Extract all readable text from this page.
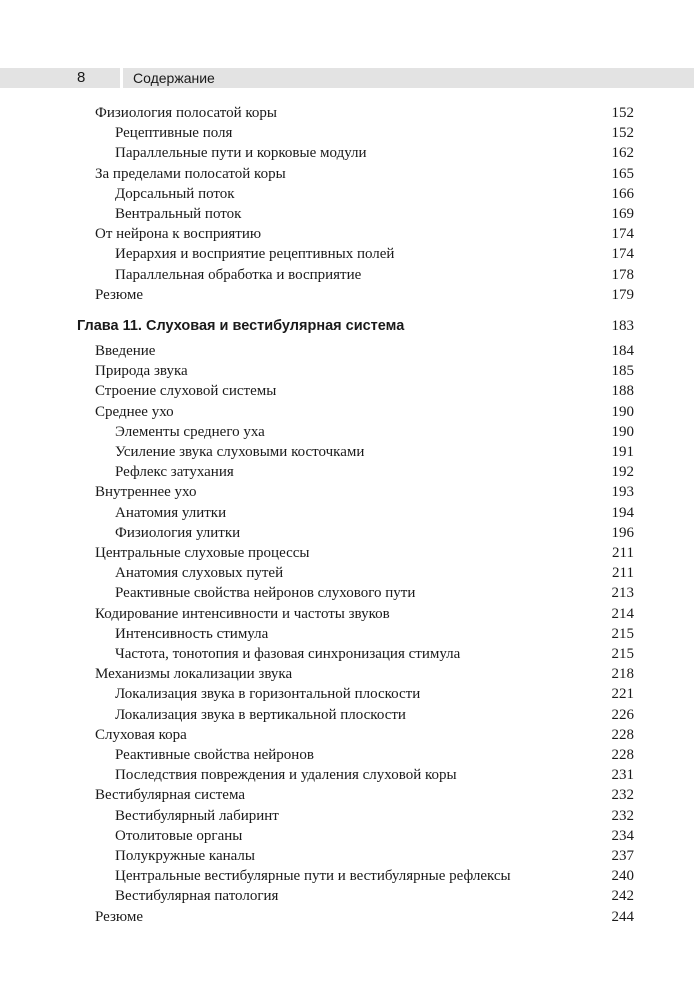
8	Содержание
Физиология полосатой коры	152
Рецептивные поля	152
Параллельные пути и корковые модули	162
За пределами полосатой коры	165
Дорсальный поток	166
Вентральный поток	169
От нейрона к восприятию	174
Иерархия и восприятие рецептивных полей	174
Параллельная обработка и восприятие	178
Резюме	179
Глава 11. Слуховая и вестибулярная система	183
Введение	184
Природа звука	185
Строение слуховой системы	188
Среднее ухо	190
Элементы среднего уха	190
Усиление звука слуховыми косточками	191
Рефлекс затухания	192
Внутреннее ухо	193
Анатомия улитки	194
Физиология улитки	196
Центральные слуховые процессы	211
Анатомия слуховых путей	211
Реактивные свойства нейронов слухового пути	213
Кодирование интенсивности и частоты звуков	214
Интенсивность стимула	215
Частота, тонотопия и фазовая синхронизация стимула	215
Механизмы локализации звука	218
Локализация звука в горизонтальной плоскости	221
Локализация звука в вертикальной плоскости	226
Слуховая кора	228
Реактивные свойства нейронов	228
Последствия повреждения и удаления слуховой коры	231
Вестибулярная система	232
Вестибулярный лабиринт	232
Отолитовые органы	234
Полукружные каналы	237
Центральные вестибулярные пути и вестибулярные рефлексы	240
Вестибулярная патология	242
Резюме	244
